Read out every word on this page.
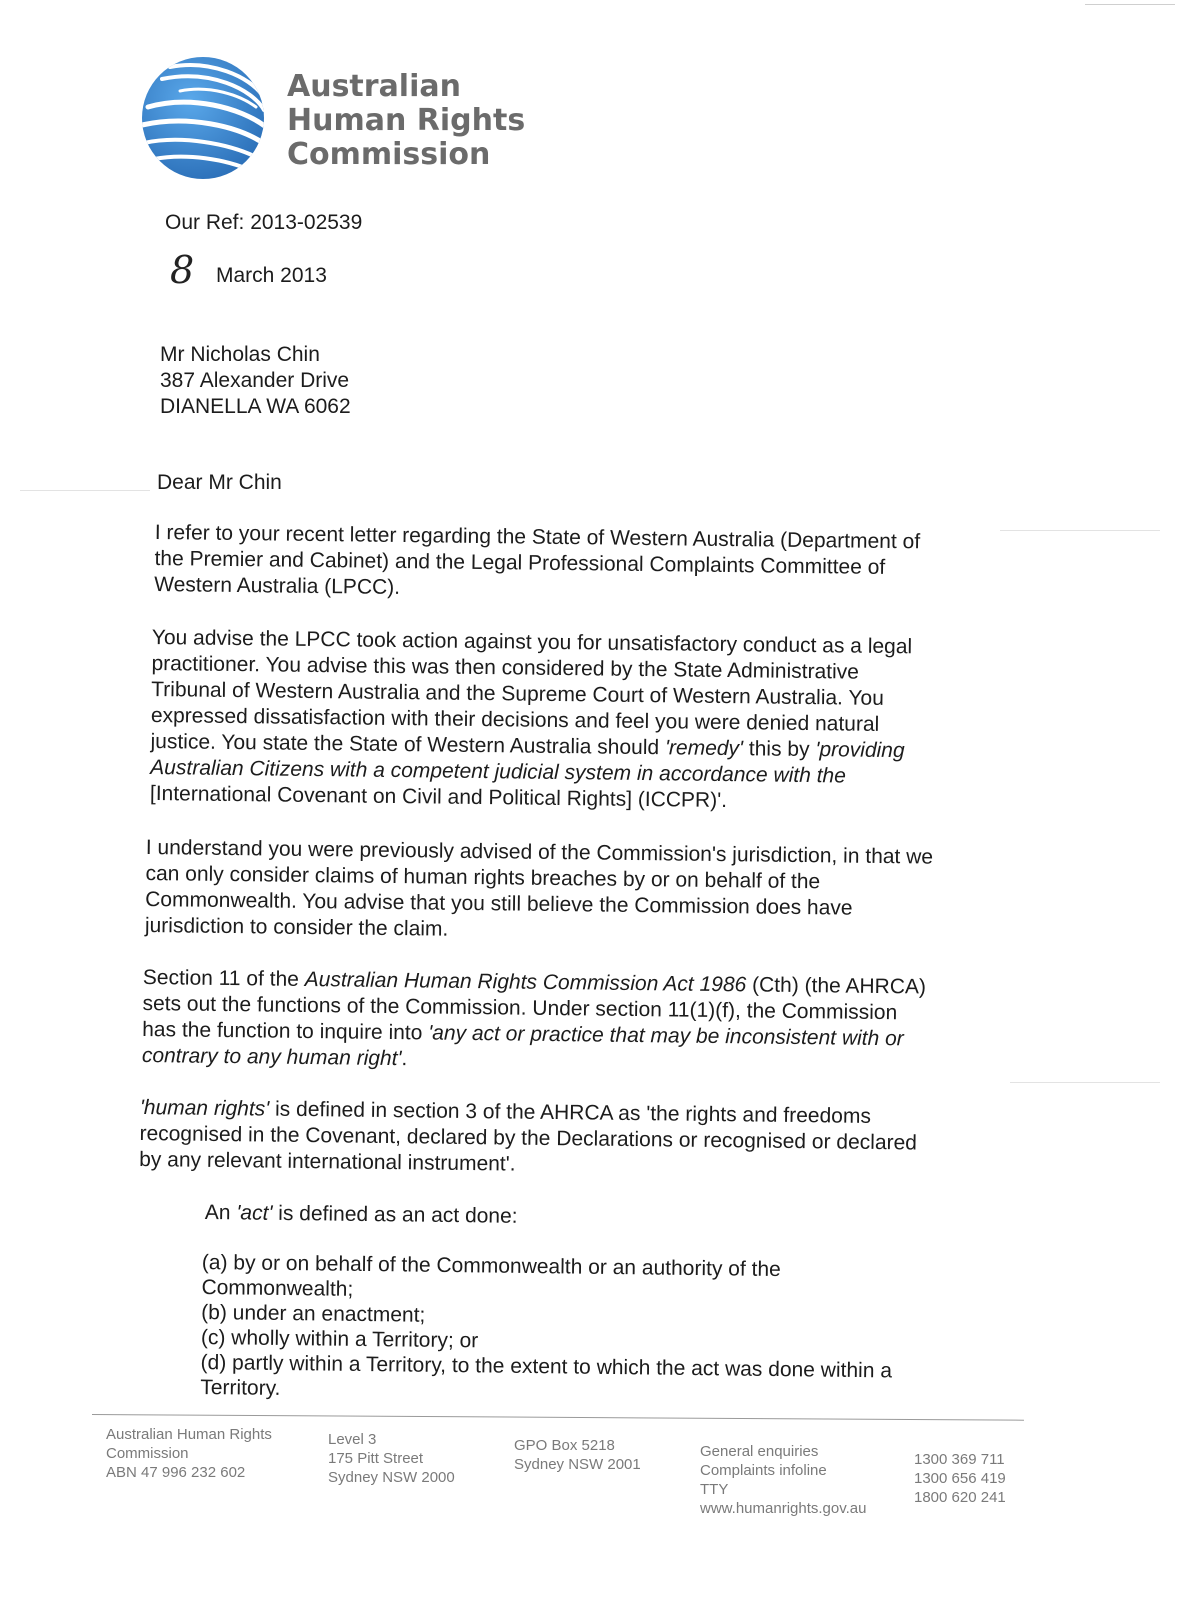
Australian
Human Rights
Commission
Our Ref: 2013-02539
8 March 2013
Mr Nicholas Chin
387 Alexander Drive
DIANELLA WA 6062
Dear Mr Chin
I refer to your recent letter regarding the State of Western Australia (Department of
the Premier and Cabinet) and the Legal Professional Complaints Committee of
Western Australia (LPCC).
You advise the LPCC took action against you for unsatisfactory conduct as a legal
practitioner. You advise this was then considered by the State Administrative
Tribunal of Western Australia and the Supreme Court of Western Australia. You
expressed dissatisfaction with their decisions and feel you were denied natural
justice. You state the State of Western Australia should 'remedy' this by 'providing
Australian Citizens with a competent judicial system in accordance with the
[International Covenant on Civil and Political Rights] (ICCPR)'.
I understand you were previously advised of the Commission's jurisdiction, in that we
can only consider claims of human rights breaches by or on behalf of the
Commonwealth. You advise that you still believe the Commission does have
jurisdiction to consider the claim.
Section 11 of the Australian Human Rights Commission Act 1986 (Cth) (the AHRCA)
sets out the functions of the Commission. Under section 11(1)(f), the Commission
has the function to inquire into 'any act or practice that may be inconsistent with or
contrary to any human right'.
'human rights' is defined in section 3 of the AHRCA as 'the rights and freedoms
recognised in the Covenant, declared by the Declarations or recognised or declared
by any relevant international instrument'.
An 'act' is defined as an act done:
(a) by or on behalf of the Commonwealth or an authority of the
Commonwealth;
(b) under an enactment;
(c) wholly within a Territory; or
(d) partly within a Territory, to the extent to which the act was done within a
Territory.
Australian Human Rights
Commission
ABN 47 996 232 602
Level 3
175 Pitt Street
Sydney NSW 2000
GPO Box 5218
Sydney NSW 2001
General enquiries
Complaints infoline
TTY
www.humanrights.gov.au
1300 369 711
1300 656 419
1800 620 241
